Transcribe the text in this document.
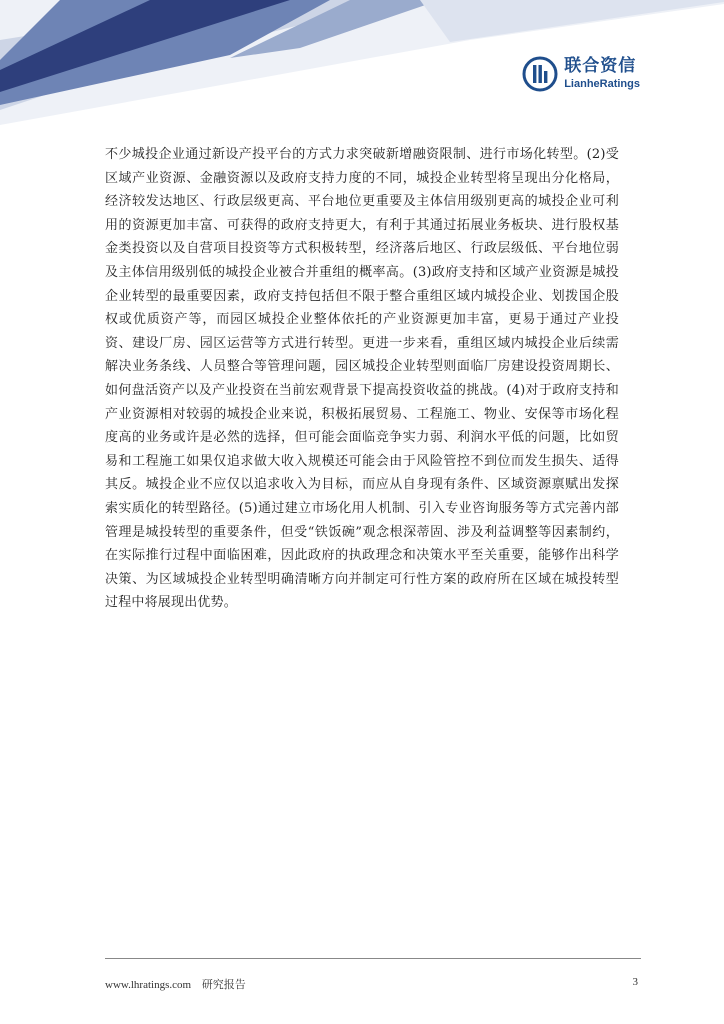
联合资信
LianheRatings

不少城投企业通过新设产投平台的方式力求突破新增融资限制、进行市场化转型。(2)受区域产业资源、金融资源以及政府支持力度的不同，城投企业转型将呈现出分化格局，经济较发达地区、行政层级更高、平台地位更重要及主体信用级别更高的城投企业可利用的资源更加丰富、可获得的政府支持更大，有利于其通过拓展业务板块、进行股权基金类投资以及自营项目投资等方式积极转型，经济落后地区、行政层级低、平台地位弱及主体信用级别低的城投企业被合并重组的概率高。(3)政府支持和区域产业资源是城投企业转型的最重要因素，政府支持包括但不限于整合重组区域内城投企业、划拨国企股权或优质资产等，而园区城投企业整体依托的产业资源更加丰富，更易于通过产业投资、建设厂房、园区运营等方式进行转型。更进一步来看，重组区域内城投企业后续需解决业务条线、人员整合等管理问题，园区城投企业转型则面临厂房建设投资周期长、如何盘活资产以及产业投资在当前宏观背景下提高投资收益的挑战。(4)对于政府支持和产业资源相对较弱的城投企业来说，积极拓展贸易、工程施工、物业、安保等市场化程度高的业务或许是必然的选择，但可能会面临竞争实力弱、利润水平低的问题，比如贸易和工程施工如果仅追求做大收入规模还可能会由于风险管控不到位而发生损失、适得其反。城投企业不应仅以追求收入为目标，而应从自身现有条件、区域资源禀赋出发探索实质化的转型路径。(5)通过建立市场化用人机制、引入专业咨询服务等方式完善内部管理是城投转型的重要条件，但受“铁饭碗”观念根深蒂固、涉及利益调整等因素制约，在实际推行过程中面临困难，因此政府的执政理念和决策水平至关重要，能够作出科学决策、为区域城投企业转型明确清晰方向并制定可行性方案的政府所在区域在城投转型过程中将展现出优势。

www.lhratings.com 研究报告	3
